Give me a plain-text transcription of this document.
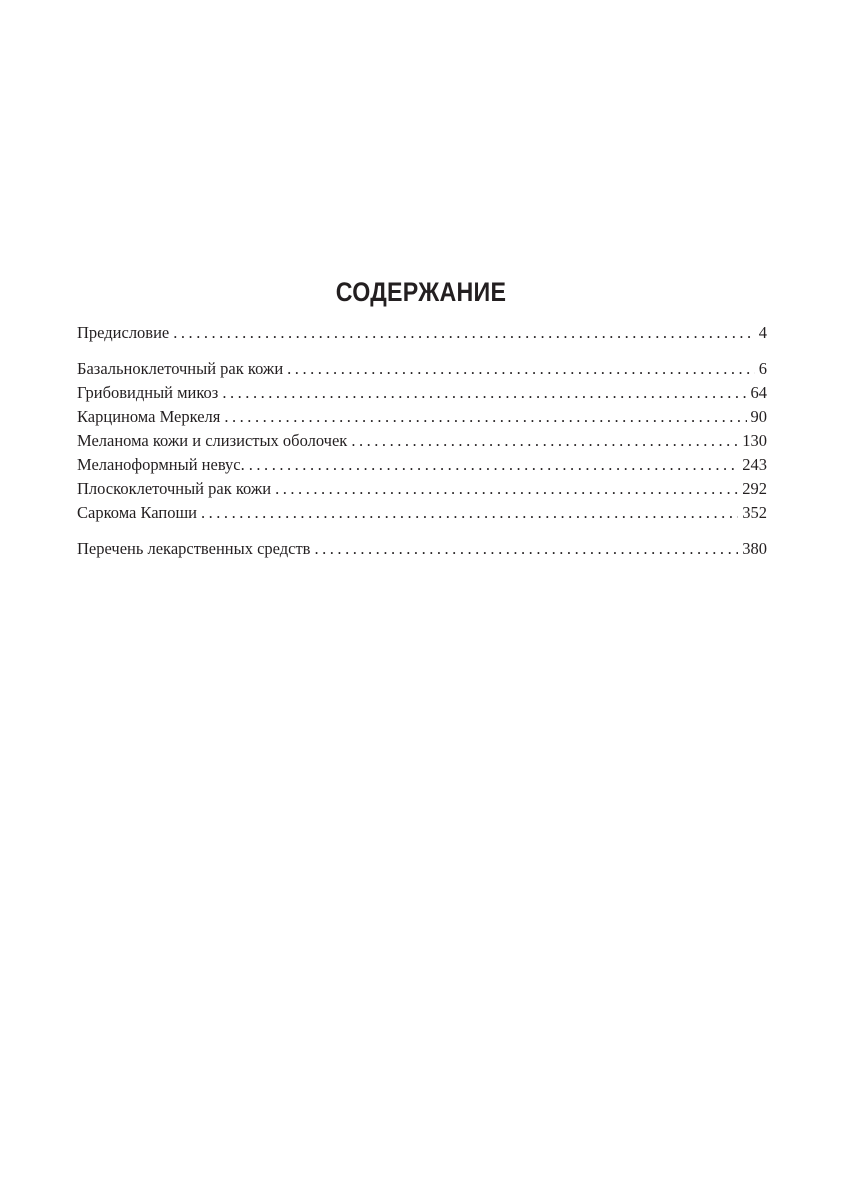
СОДЕРЖАНИЕ
Предисловие . . .	4
Базальноклеточный рак кожи . . .	6
Грибовидный микоз . . .	64
Карцинома Меркеля . . .	90
Меланома кожи и слизистых оболочек . . .	130
Меланоформный невус. . . .	243
Плоскоклеточный рак кожи . . .	292
Саркома Капоши . . .	352
Перечень лекарственных средств . . .	380
